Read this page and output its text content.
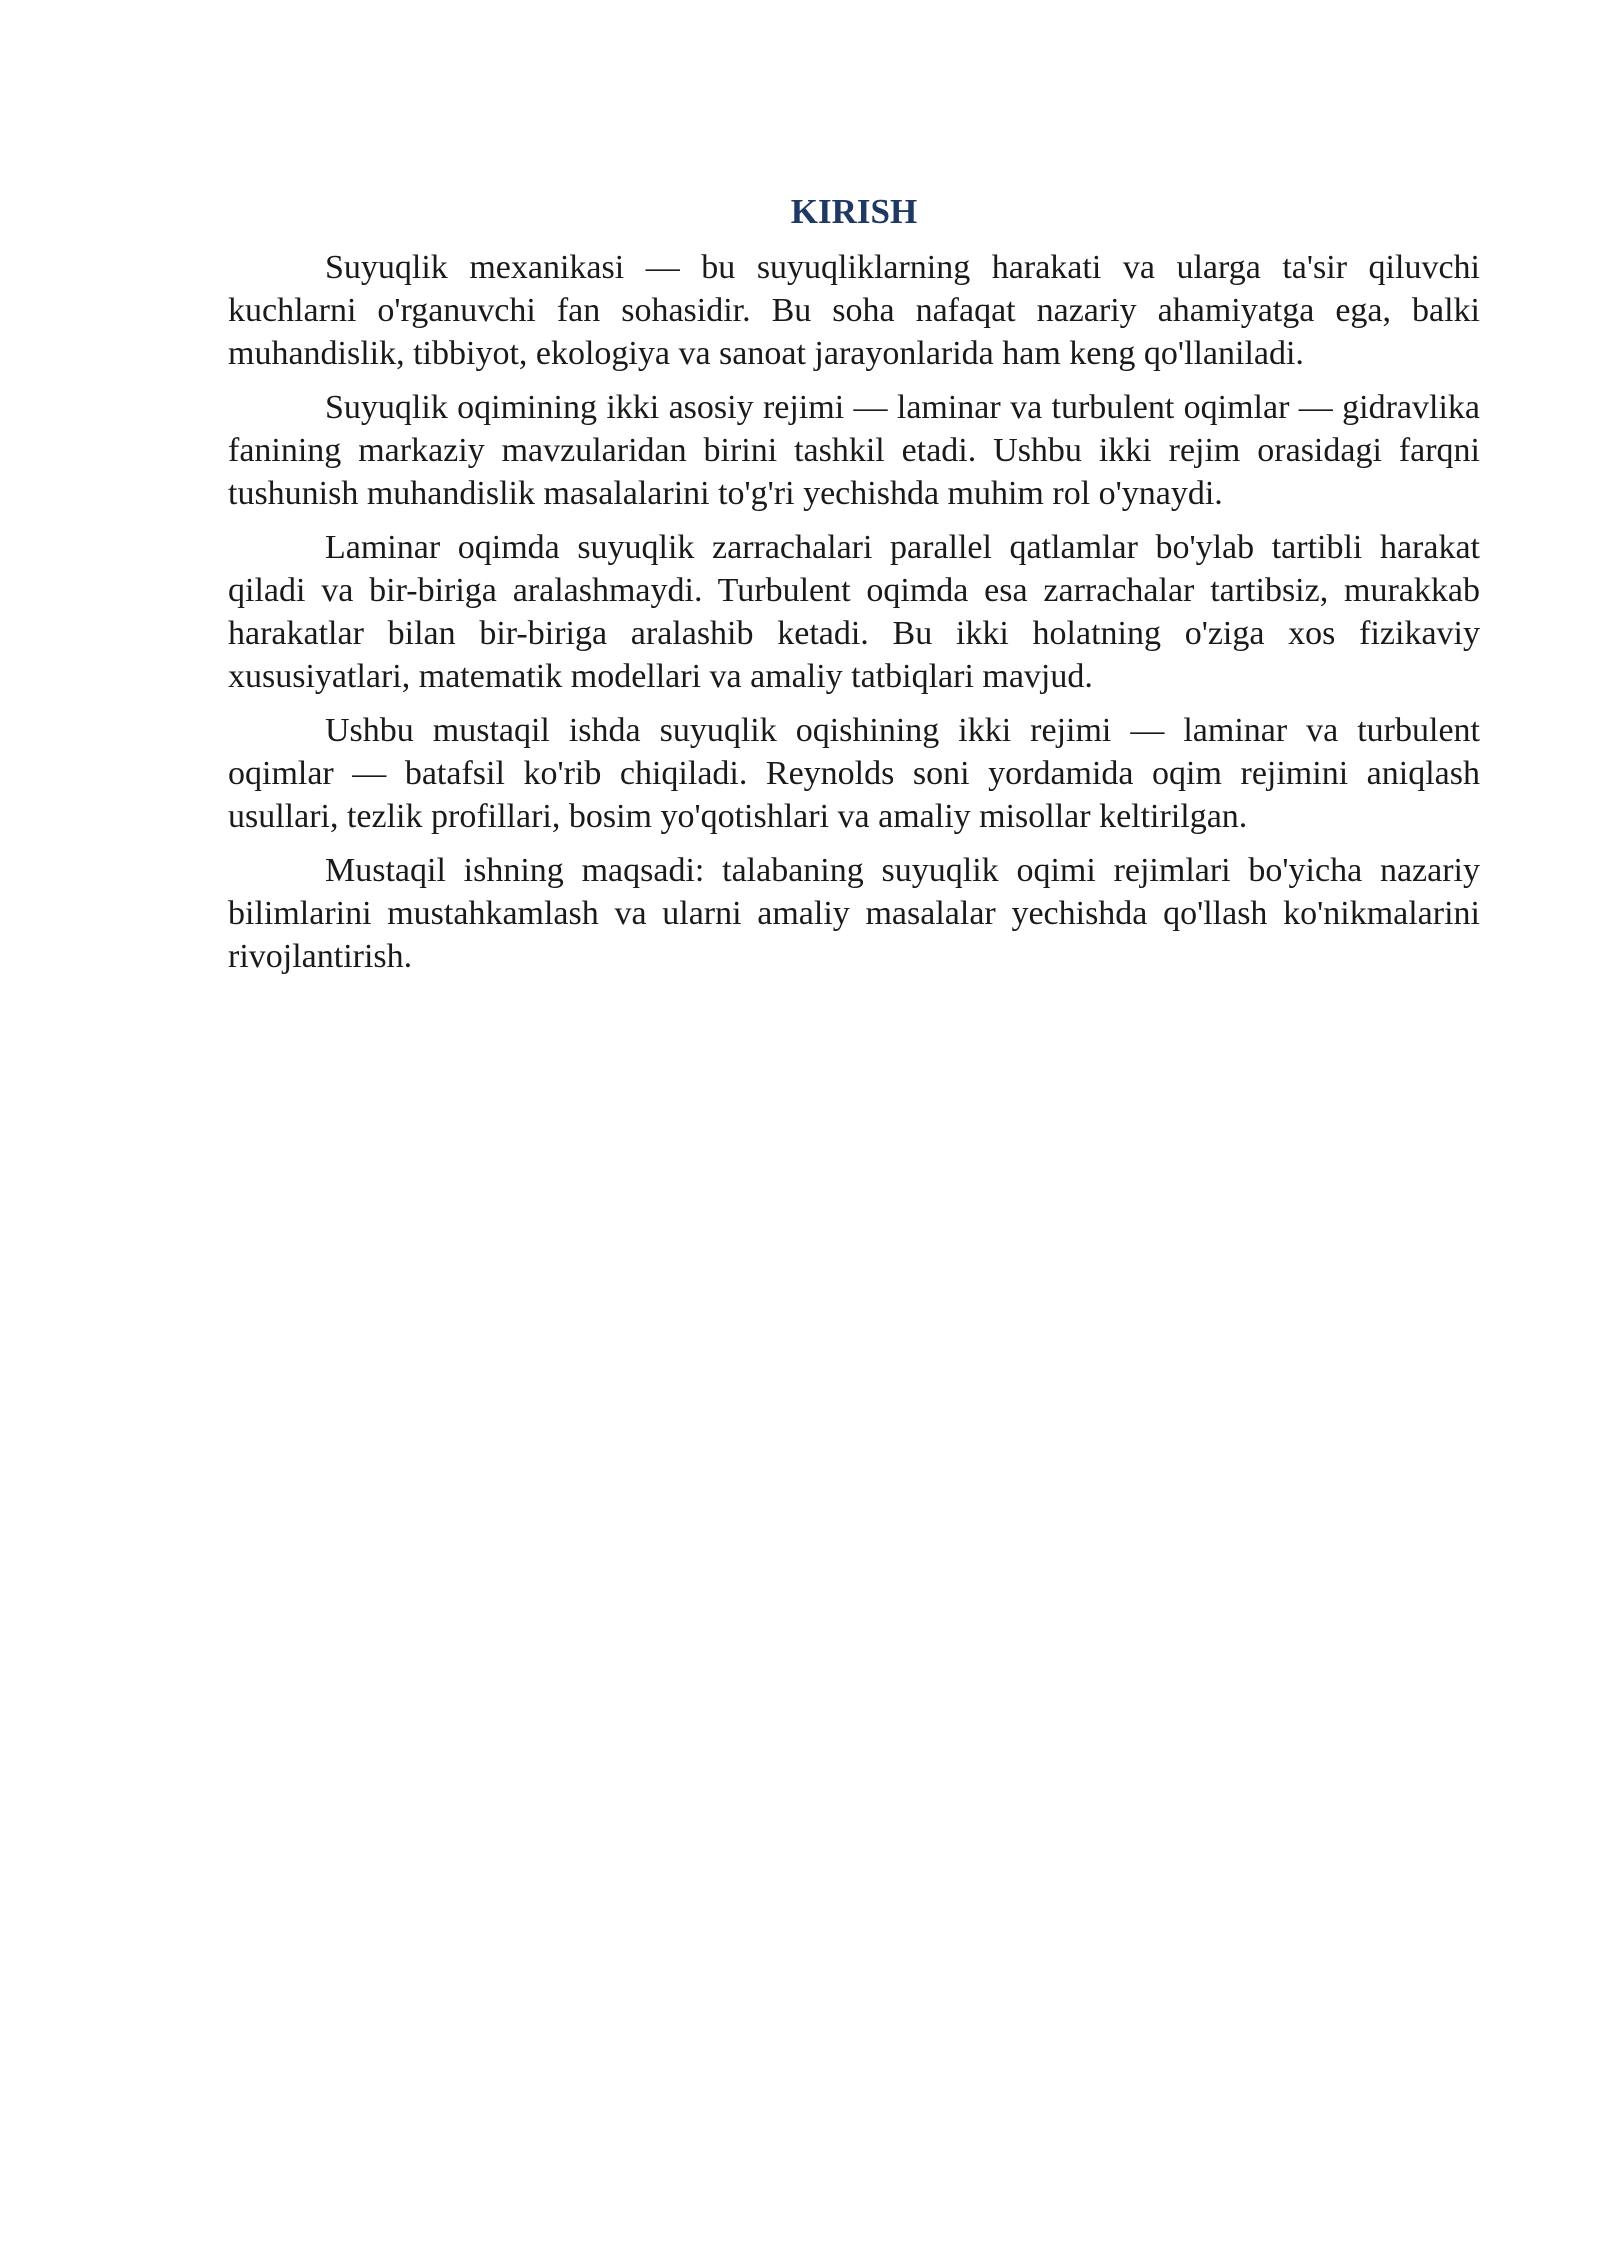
KIRISH

Suyuqlik mexanikasi — bu suyuqliklarning harakati va ularga ta'sir qiluvchi kuchlarni o'rganuvchi fan sohasidir. Bu soha nafaqat nazariy ahamiyatga ega, balki muhandislik, tibbiyot, ekologiya va sanoat jarayonlarida ham keng qo'llaniladi.

Suyuqlik oqimining ikki asosiy rejimi — laminar va turbulent oqimlar — gidravlika fanining markaziy mavzularidan birini tashkil etadi. Ushbu ikki rejim orasidagi farqni tushunish muhandislik masalalarini to'g'ri yechishda muhim rol o'ynaydi.

Laminar oqimda suyuqlik zarrachalari parallel qatlamlar bo'ylab tartibli harakat qiladi va bir-biriga aralashmaydi. Turbulent oqimda esa zarrachalar tartibsiz, murakkab harakatlar bilan bir-biriga aralashib ketadi. Bu ikki holatning o'ziga xos fizikaviy xususiyatlari, matematik modellari va amaliy tatbiqlari mavjud.

Ushbu mustaqil ishda suyuqlik oqishining ikki rejimi — laminar va turbulent oqimlar — batafsil ko'rib chiqiladi. Reynolds soni yordamida oqim rejimini aniqlash usullari, tezlik profillari, bosim yo'qotishlari va amaliy misollar keltirilgan.

Mustaqil ishning maqsadi: talabaning suyuqlik oqimi rejimlari bo'yicha nazariy bilimlarini mustahkamlash va ularni amaliy masalalar yechishda qo'llash ko'nikmalarini rivojlantirish.
